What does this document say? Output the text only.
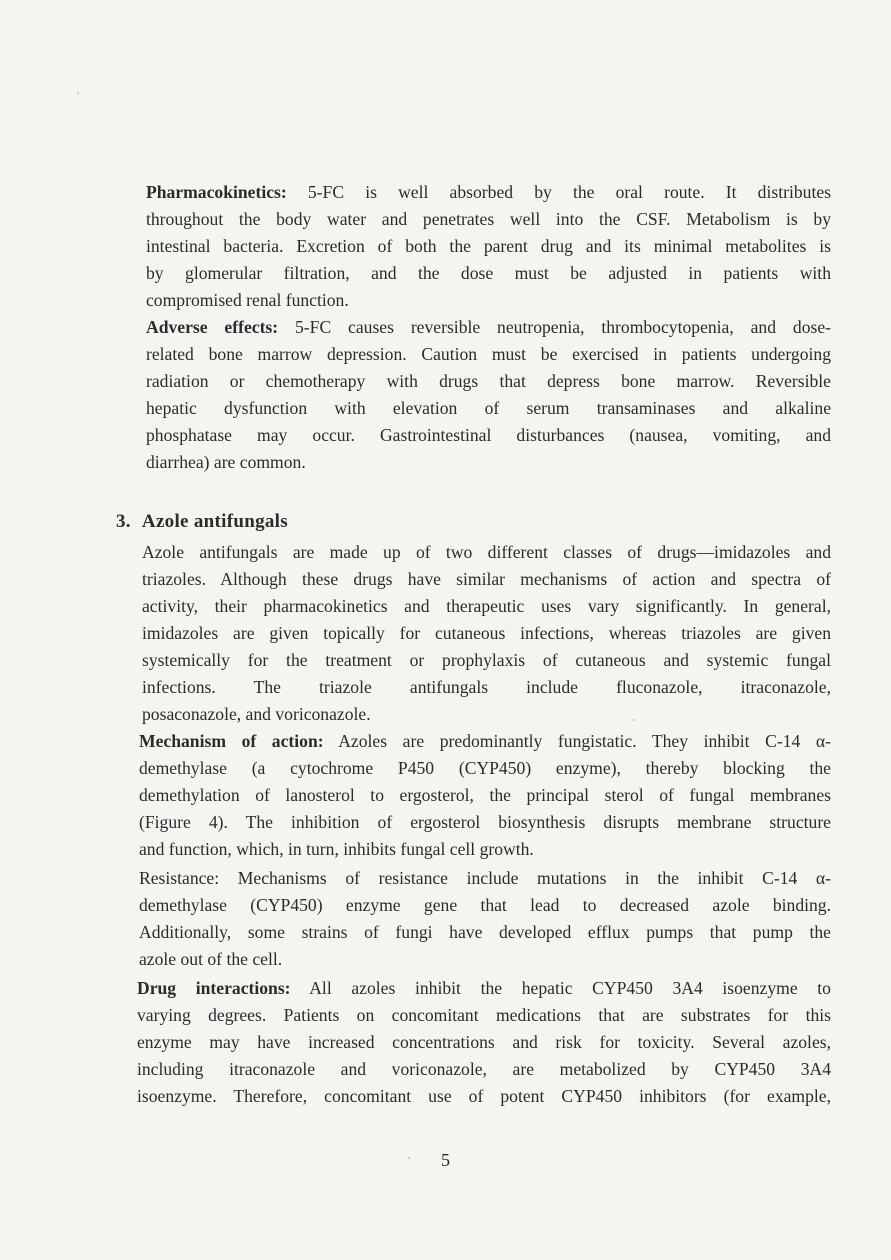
Pharmacokinetics: 5-FC is well absorbed by the oral route. It distributes
throughout the body water and penetrates well into the CSF. Metabolism is by
intestinal bacteria. Excretion of both the parent drug and its minimal metabolites is
by glomerular filtration, and the dose must be adjusted in patients with
compromised renal function.
Adverse effects: 5-FC causes reversible neutropenia, thrombocytopenia, and dose-
related bone marrow depression. Caution must be exercised in patients undergoing
radiation or chemotherapy with drugs that depress bone marrow. Reversible
hepatic dysfunction with elevation of serum transaminases and alkaline
phosphatase may occur. Gastrointestinal disturbances (nausea, vomiting, and
diarrhea) are common.
3. Azole antifungals
Azole antifungals are made up of two different classes of drugs—imidazoles and
triazoles. Although these drugs have similar mechanisms of action and spectra of
activity, their pharmacokinetics and therapeutic uses vary significantly. In general,
imidazoles are given topically for cutaneous infections, whereas triazoles are given
systemically for the treatment or prophylaxis of cutaneous and systemic fungal
infections. The triazole antifungals include fluconazole, itraconazole,
posaconazole, and voriconazole.
Mechanism of action: Azoles are predominantly fungistatic. They inhibit C-14 α-
demethylase (a cytochrome P450 (CYP450) enzyme), thereby blocking the
demethylation of lanosterol to ergosterol, the principal sterol of fungal membranes
(Figure 4). The inhibition of ergosterol biosynthesis disrupts membrane structure
and function, which, in turn, inhibits fungal cell growth.
Resistance: Mechanisms of resistance include mutations in the inhibit C-14 α-
demethylase (CYP450) enzyme gene that lead to decreased azole binding.
Additionally, some strains of fungi have developed efflux pumps that pump the
azole out of the cell.
Drug interactions: All azoles inhibit the hepatic CYP450 3A4 isoenzyme to
varying degrees. Patients on concomitant medications that are substrates for this
enzyme may have increased concentrations and risk for toxicity. Several azoles,
including itraconazole and voriconazole, are metabolized by CYP450 3A4
isoenzyme. Therefore, concomitant use of potent CYP450 inhibitors (for example,
5
